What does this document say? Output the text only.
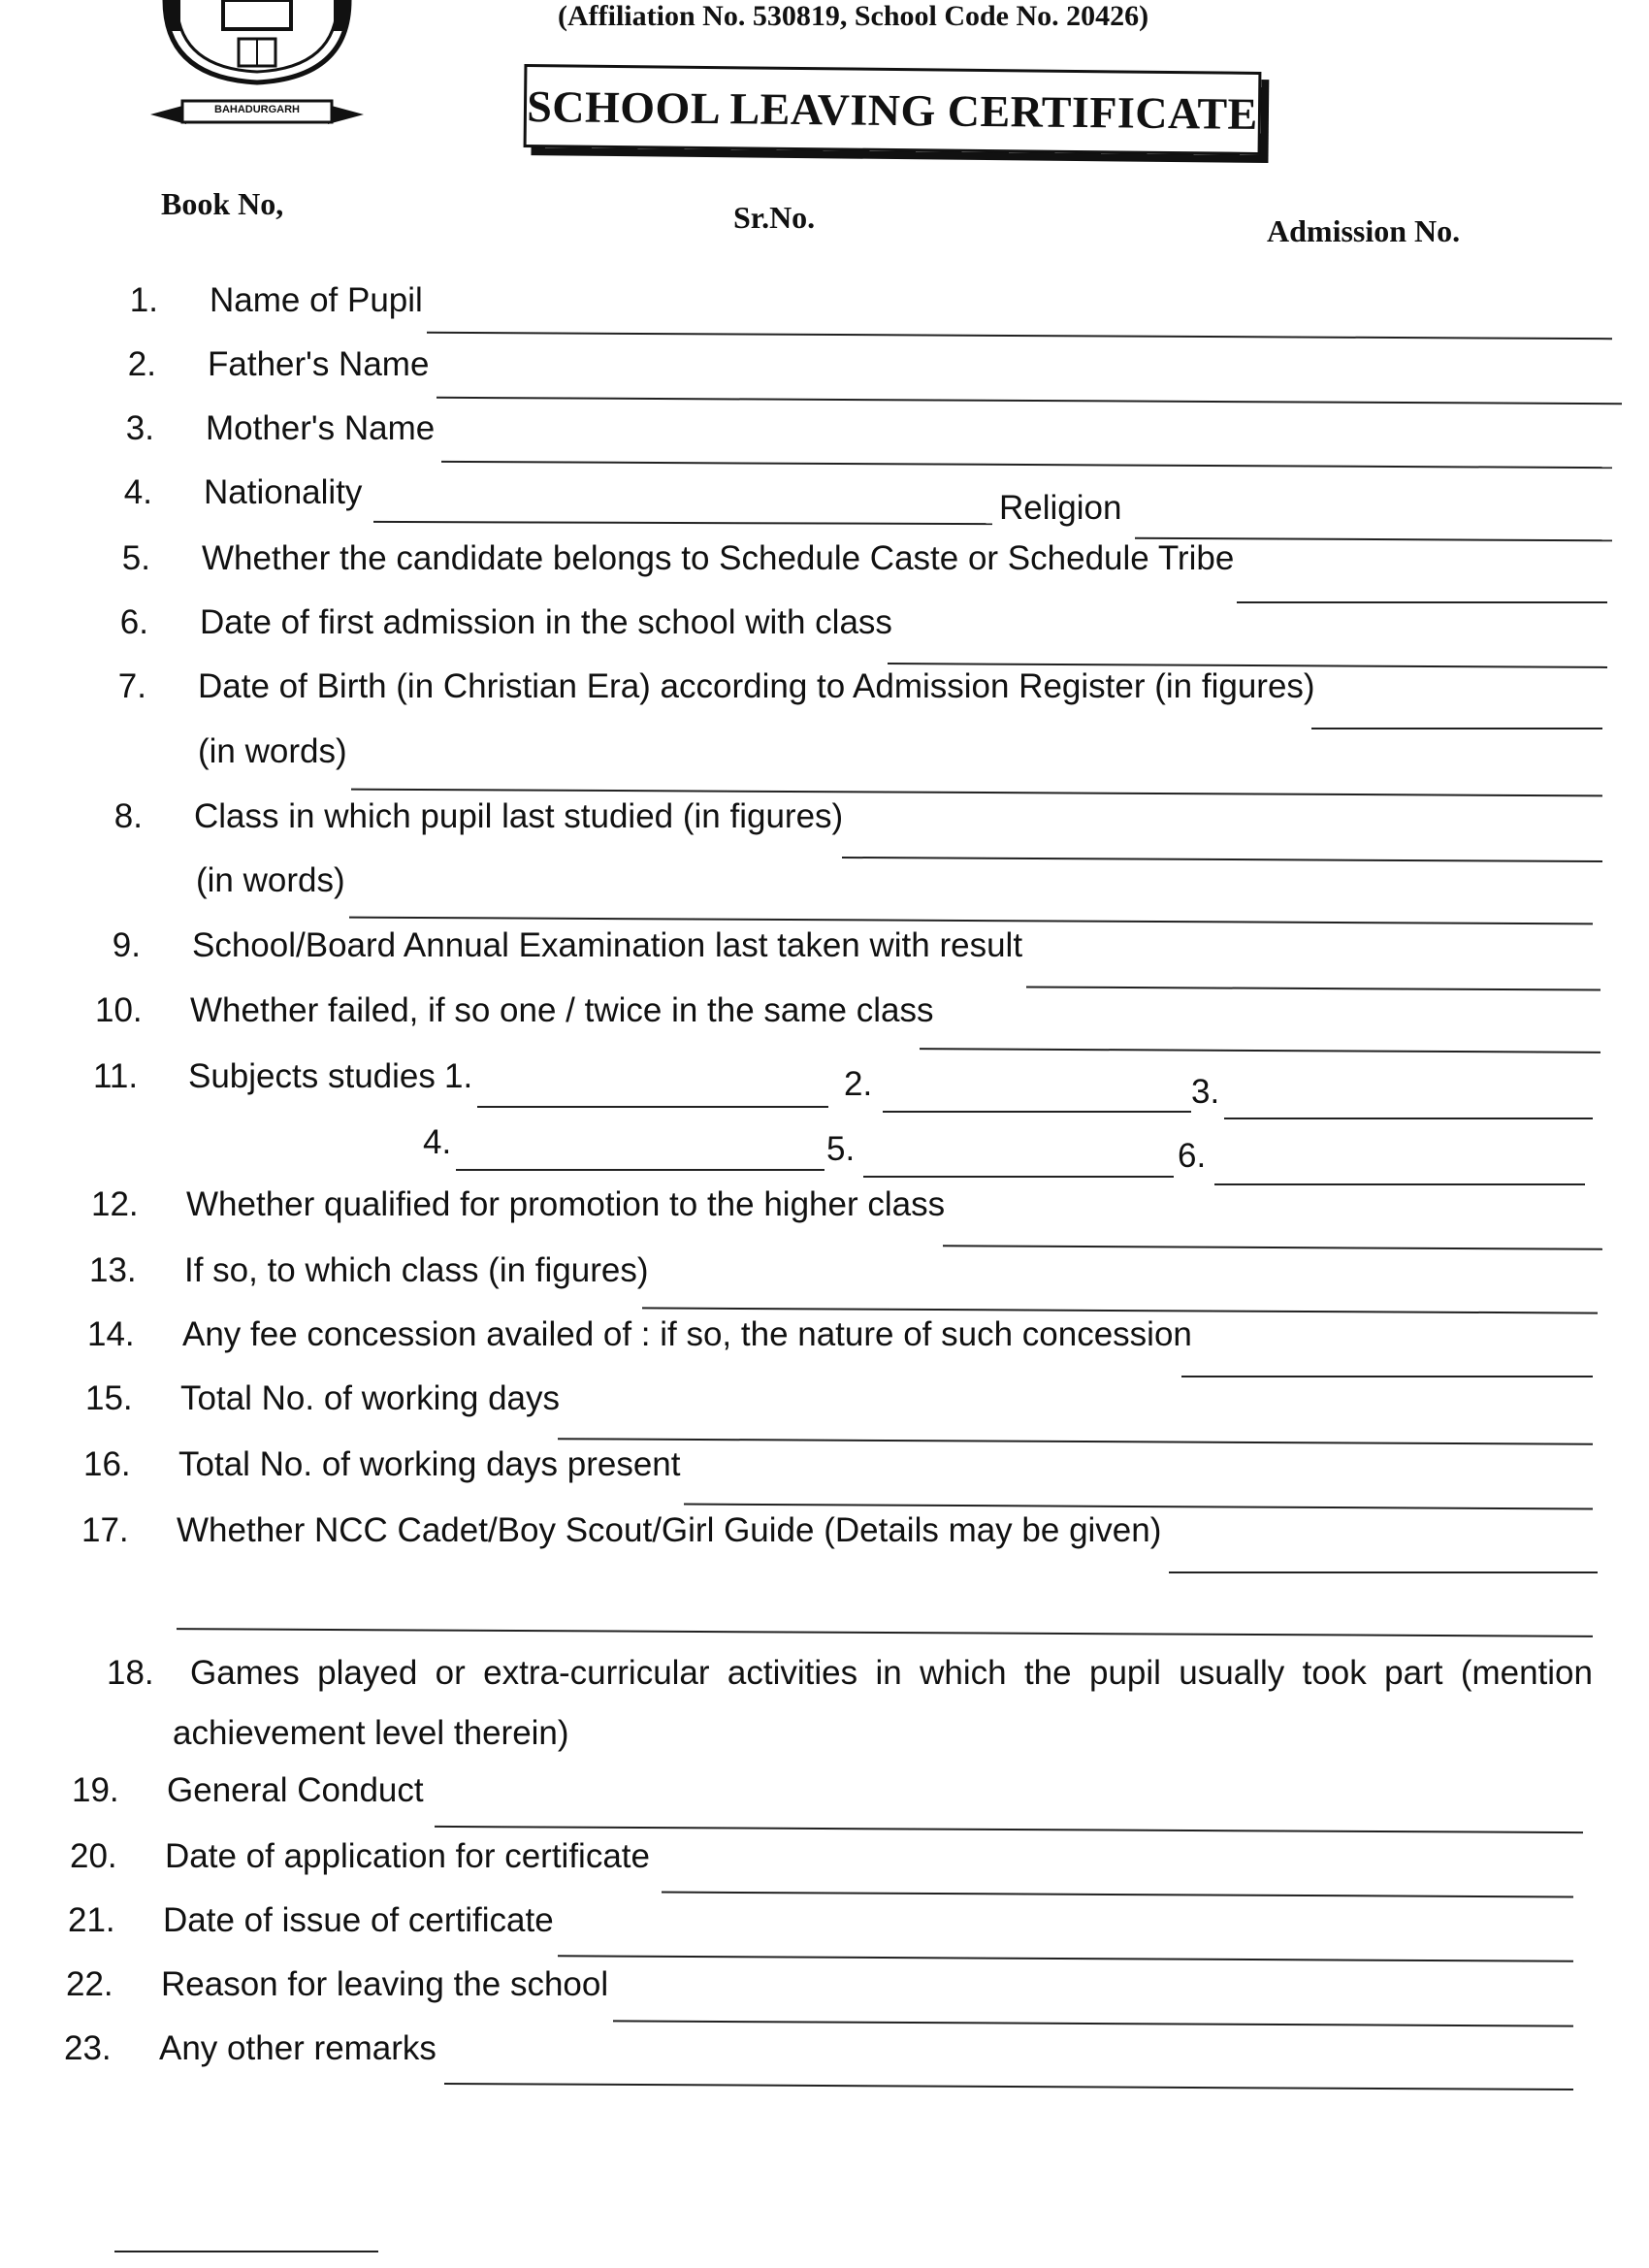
BAHADURGARH
(Affiliation No. 530819, School Code No. 20426)
SCHOOL LEAVING CERTIFICATE
Book No,	Sr.No.	Admission No.
1. Name of Pupil
2. Father's Name
3. Mother's Name
4. Nationality	Religion
5. Whether the candidate belongs to Schedule Caste or Schedule Tribe
6. Date of first admission in the school with class
7. Date of Birth (in Christian Era) according to Admission Register (in figures)
(in words)
8. Class in which pupil last studied (in figures)
(in words)
9. School/Board Annual Examination last taken with result
10. Whether failed, if so one / twice in the same class
11. Subjects studies 1.	2.	3.
4.	5.	6.
12. Whether qualified for promotion to the higher class
13. If so, to which class (in figures)
14. Any fee concession availed of : if so, the nature of such concession
15. Total No. of working days
16. Total No. of working days present
17. Whether NCC Cadet/Boy Scout/Girl Guide (Details may be given)
18.	Games played or extra-curricular activities in which the pupil usually took part (mention achievement level therein)
19. General Conduct
20. Date of application for certificate
21. Date of issue of certificate
22. Reason for leaving the school
23. Any other remarks
